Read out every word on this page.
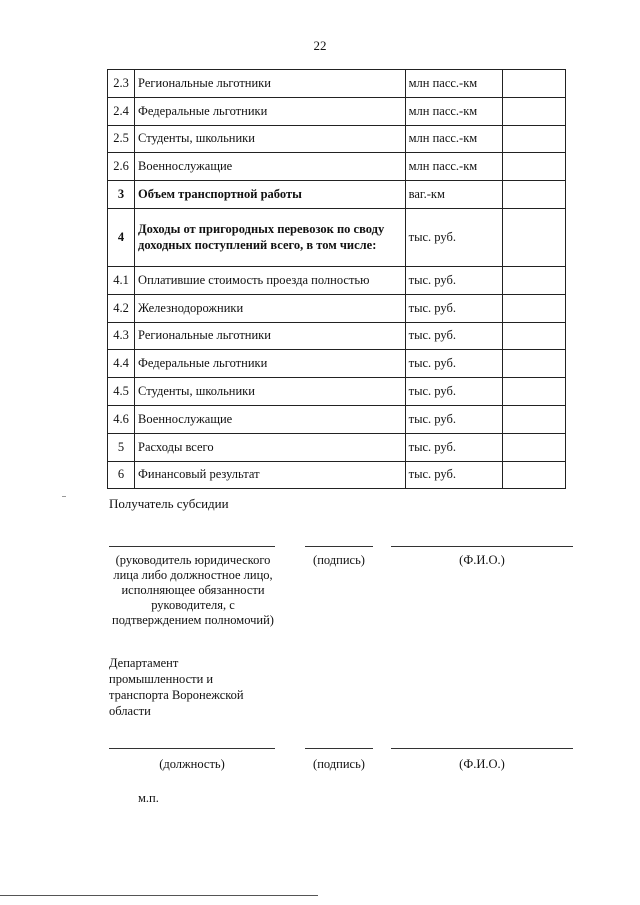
22
2.3	Региональные льготники	млн пасс.-км	
2.4	Федеральные льготники	млн пасс.-км	
2.5	Студенты, школьники	млн пасс.-км	
2.6	Военнослужащие	млн пасс.-км	
3	Объем транспортной работы	ваг.-км	
4	Доходы от пригородных перевозок по своду доходных поступлений всего, в том числе:	тыс. руб.	
4.1	Оплатившие стоимость проезда полностью	тыс. руб.	
4.2	Железнодорожники	тыс. руб.	
4.3	Региональные льготники	тыс. руб.	
4.4	Федеральные льготники	тыс. руб.	
4.5	Студенты, школьники	тыс. руб.	
4.6	Военнослужащие	тыс. руб.	
5	Расходы всего	тыс. руб.	
6	Финансовый результат	тыс. руб.	
Получатель субсидии
(руководитель юридического лица либо должностное лицо, исполняющее обязанности руководителя, с подтверждением полномочий)
(подпись)	(Ф.И.О.)
Департамент промышленности и транспорта Воронежской области
(должность)	(подпись)	(Ф.И.О.)
м.п.
